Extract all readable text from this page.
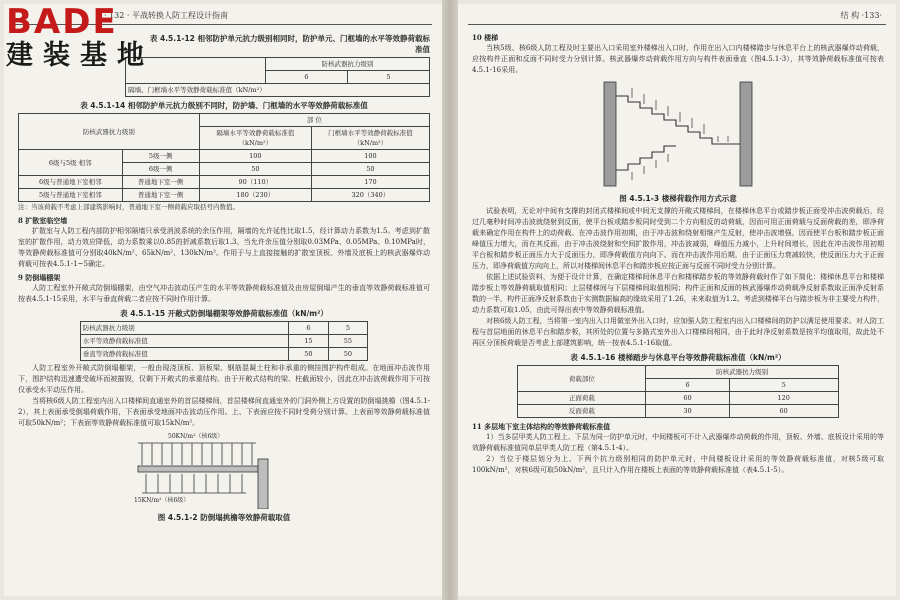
BADE
建装基地
· 132 · 平战转换人防工程设计指南
表 4.5.1-12 相邻防护单元抗力级别相同时，防护单元、门框墙的水平等效静荷载标准值
	防核武器抗力级别	
	6	5
隔墙、门框墙水平等效静荷载标准值（kN/m²）		
表 4.5.1-14 相邻防护单元抗力级别不同时，防护墙、门框墙的水平等效静荷载标准值
防核武器抗力级别		部 位	
		隔墙水平等效静荷载标准值（kN/m²）	门框墙水平等效静荷载标准值（kN/m²）
6级与5级 相邻	5级一侧	100	100
	6级一侧	50	50
6级与普通地下室相邻	普通地下室一侧	90（110）	170
5级与普通地下室相邻	普通地下室一侧	180（230）	320（340）
注：当该荷载不考虑上部建筑影响时，普通地下室一侧荷载应取括号内数值。
8 扩散室临空墙
扩散室与人防工程内部防护相邻隔墙只承受消波系统的余压作用，隔墙的允许延性比取1.5，经计算动力系数为1.5。考虑到扩散室的扩散作用，动力效应降低，动力系数乘以0.85的折减系数后取1.3。当允许余压值分别取0.03MPa、0.05MPa、0.10MPa时，等效静荷载标准值可分别取40kN/m²、65kN/m²、130kN/m²。作用于与上直接接触的扩散室顶板、外墙及底板上的核武器爆炸动荷载可按表4.5.1-1~5确定。
9 防倒塌棚架
人防工程室外开敞式防倒塌棚架，由空气冲击波动压产生的水平等效静荷载标准值及由房屋倒塌产生的垂直等效静荷载标准值可按表4.5.1-15采用，水平与垂直荷载二者应按不同时作用计算。
表 4.5.1-15 开敞式防倒塌棚架等效静荷载标准值（kN/m²）
防核武器抗力级别	6	5
水平等效静荷载标准值	15	55
垂直等效静荷载标准值	50	50
人防工程室外开敞式防倒塌棚架，一般由现浇顶板、顶板梁、钢筋混凝土柱和非承重的侧挂围护构件组成。在地面冲击波作用下，围护结构迅速遭受破坏而被摧毁，仅剩下开敞式的承重结构。由于开敞式结构的梁、柱截面较小，因此在冲击波荷载作用下可按仅承受水平动压作用。
当将核6级人防工程室内出入口楼梯间直通室外的首层楼梯间，首层楼梯间直通室外的门洞外侧上方设置的防倒塌挑檐（图4.5.1-2），其上表面承受倒塌荷载作用，下表面承受地面冲击波动压作用。上、下表面应按不同时受荷分别计算。上表面等效静荷载标准值可取50kN/m²；下表面等效静荷载标准值可取15kN/m²。
50KN/m²（核6级）
15KN/m²（核6级）
图 4.5.1-2 防倒塌挑檐等效静荷载取值
结 构 ·133·
10 楼梯
当核5级、核6级人防工程及时主要出入口采用室外楼梯出入口时，作用在出入口内楼梯踏步与休息平台上的核武器爆炸动荷载，应按构件正面和反面不同时受力分别计算。核武器爆炸动荷载作用方向与构件表面垂直（图4.5.1-3），其等效静荷载标准值可按表4.5.1-16采用。
图 4.5.1-3 楼梯荷载作用方式示意
试验表明，无论对中间有支撑的封闭式楼梯间或中间无支撑的开敞式楼梯间，在楼梯休息平台或踏步板正面受冲击波荷载后，经过几毫秒时间冲击波就绕射到反面，使平台板或踏步板同时受到二个方向相反的动荷载，因而可用正面荷载与反面荷载的差，即净荷载来确定作用在构件上的动荷载。在冲击波作用初期，由于冲击波和绕射相继产生反射，使冲击波增强，因而使平台板和踏步板正面峰值压力增大，而在其反面，由于冲击波绕射和空间扩散作用，冲击波减弱，峰值压力减小，上升时间增长，因此在冲击波作用初期平台板和踏步板正面压力大于反面压力，即净荷载值方向向下。而在冲击波作用后期，由于正面压力衰减较快，使反面压力大于正面压力，即净荷载值方向向上，所以对楼梯间休息平台和踏步板应按正面与反面不同时受力分别计算。
依据上述试验资料，为便于设计计算，在确定楼梯间休息平台和楼梯踏步板的等效静荷载时作了如下简化：楼梯休息平台和楼梯踏步板上等效静荷载取值相同；上层楼梯间与下层楼梯间取值相同；构件正面和反面的核武器爆炸动荷载净反射系数取正面净反射系数的一半，构件正面净反射系数由于实测数据偏高的缘故采用了1.26，未来取值为1.2。考虑到楼梯平台与踏步板为非主要受力构件，动力系数可取1.05，由此可得出表中等效静荷载标准值。
对核6级人防工程，当将第一室内出入口用做室外出入口时，应加强人防工程室内出入口楼梯间的防护以满足使用要求。对人防工程与首层地面的休息平台和踏步板，其所处的位置与多路式室外出入口楼梯间相同，由于此时净反射系数是按平均值取用，故此处不再区分顶板荷载是否考虑上部建筑影响，统一按表4.5.1-16取值。
表 4.5.1-16 楼梯踏步与休息平台等效静荷载标准值（kN/m²）
荷载部位	防核武器抗力级别	
	6	5
正面荷载	60	120
反面荷载	30	60
11 多层地下室主体结构的等效静荷载标准值
1）当多层甲类人防工程上、下层为同一防护单元时，中间楼板可不计入武器爆炸动荷载的作用，顶板、外墙、底板设计采用的等效静荷载标准值同单层甲类人防工程（第4.5.1-4）。
2）当位于楼层划分为上、下两个抗力级别相同的防护单元时，中间楼板设计采用的等效静荷载标准值，对核5级可取100kN/m²，对核6级可取50kN/m²，且只计入作用在楼板上表面的等效静荷载标准值（表4.5.1-5）。
